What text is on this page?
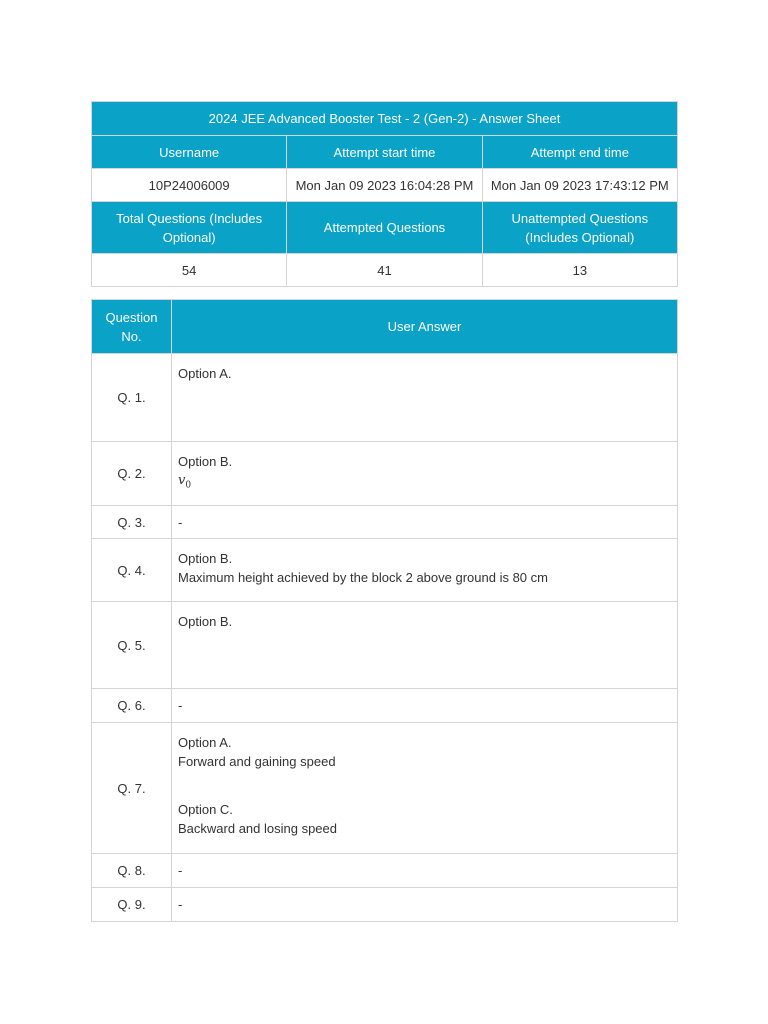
2024 JEE Advanced Booster Test - 2 (Gen-2) - Answer Sheet		
Username	Attempt start time	Attempt end time
10P24006009	Mon Jan 09 2023 16:04:28 PM	Mon Jan 09 2023 17:43:12 PM
Total Questions (Includes Optional)	Attempted Questions	Unattempted Questions (Includes Optional)
54	41	13
Question No.	User Answer
Q. 1.	Option A.

Q. 2.	Option B.
$v_0$

Q. 3.	-
Q. 4.	Option B.
Maximum height achieved by the block 2 above ground is 80 cm

Q. 5.	Option B.

Q. 6.	-
Q. 7.	Option A.
Forward and gaining speed
Option C.
Backward and losing speed

Q. 8.	-
Q. 9.	-
